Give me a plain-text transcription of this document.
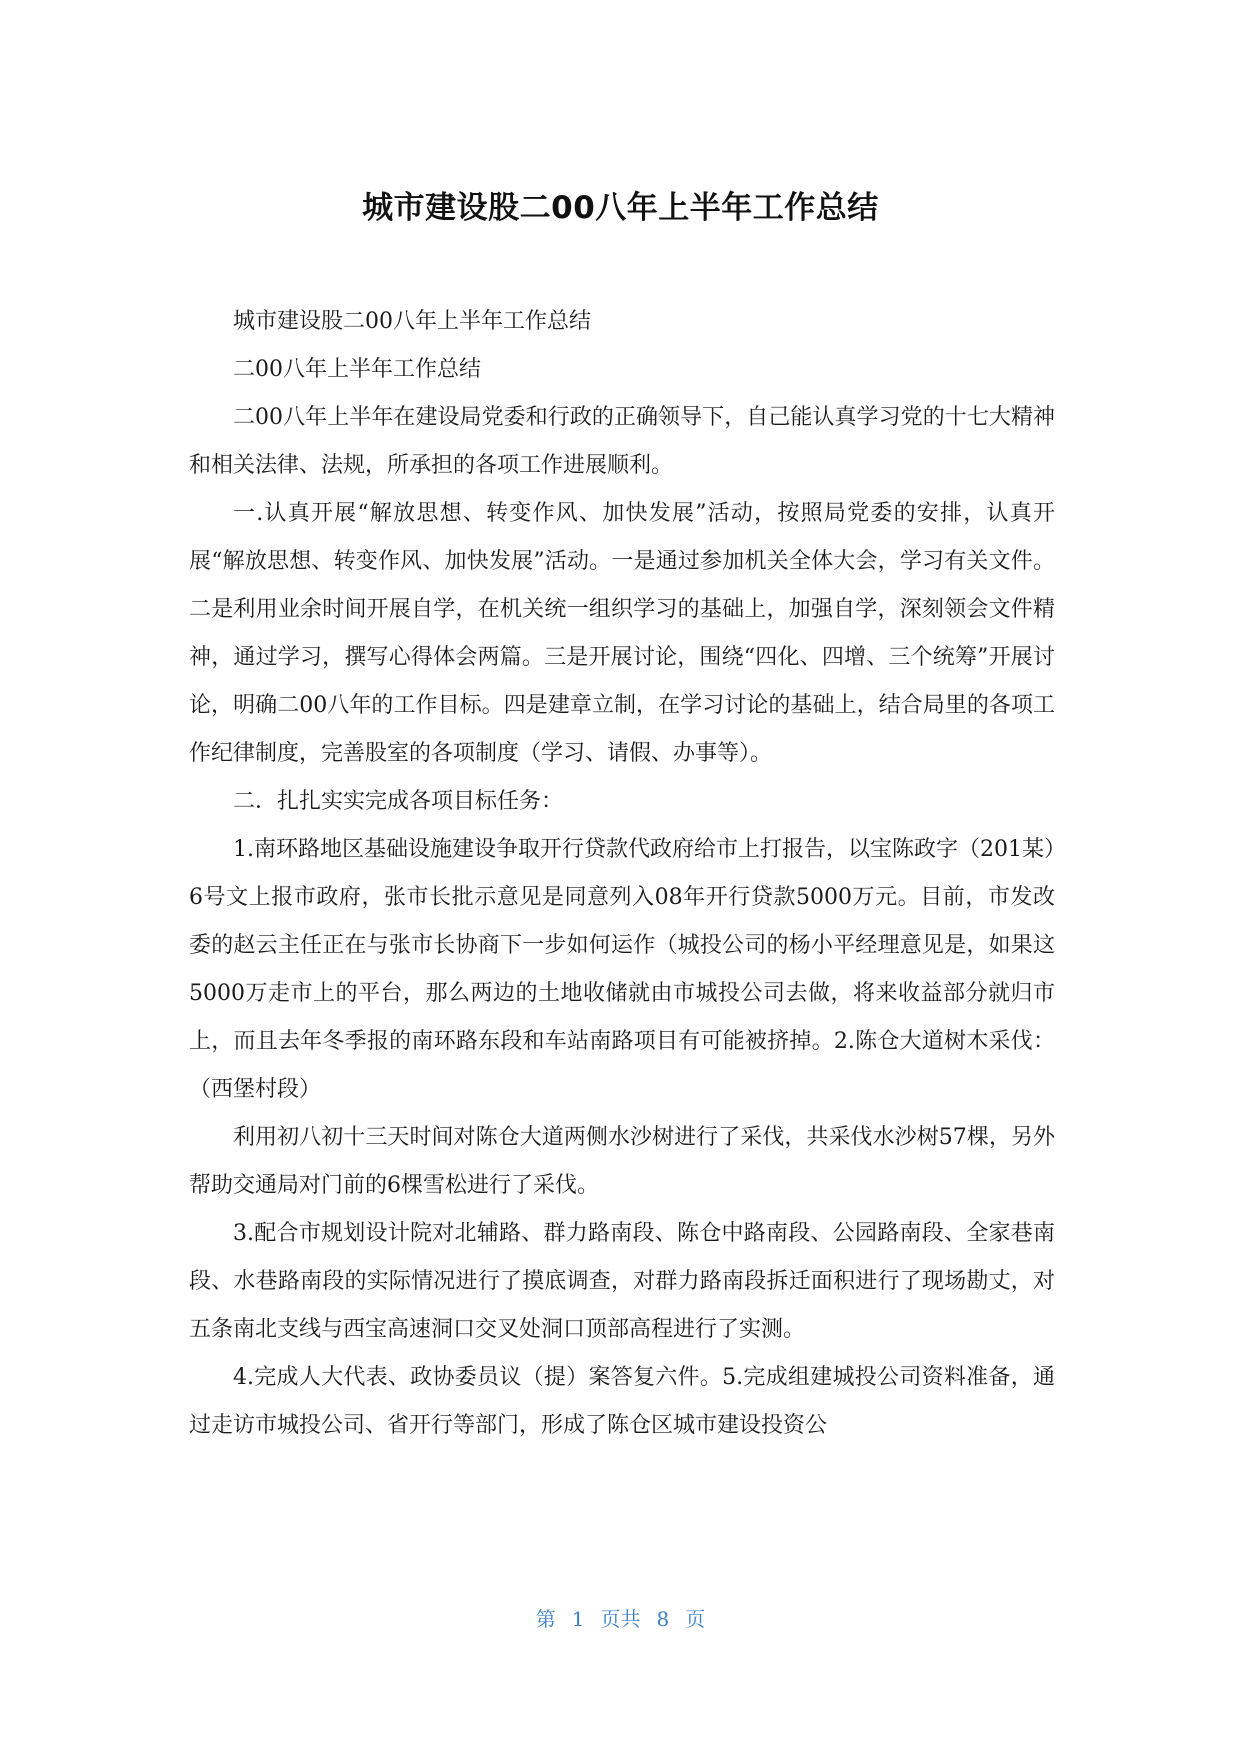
城市建设股二00八年上半年工作总结

城市建设股二00八年上半年工作总结

二00八年上半年工作总结

二00八年上半年在建设局党委和行政的正确领导下，自己能认真学习党的十七大精神和相关法律、法规，所承担的各项工作进展顺利。

一.认真开展“解放思想、转变作风、加快发展”活动，按照局党委的安排，认真开展“解放思想、转变作风、加快发展”活动。一是通过参加机关全体大会，学习有关文件。二是利用业余时间开展自学，在机关统一组织学习的基础上，加强自学，深刻领会文件精神，通过学习，撰写心得体会两篇。三是开展讨论，围绕“四化、四增、三个统筹”开展讨论，明确二00八年的工作目标。四是建章立制，在学习讨论的基础上，结合局里的各项工作纪律制度，完善股室的各项制度（学习、请假、办事等）。

二．扎扎实实完成各项目标任务：

1.南环路地区基础设施建设争取开行贷款代政府给市上打报告，以宝陈政字（201某）6号文上报市政府，张市长批示意见是同意列入08年开行贷款5000万元。目前，市发改委的赵云主任正在与张市长协商下一步如何运作（城投公司的杨小平经理意见是，如果这5000万走市上的平台，那么两边的土地收储就由市城投公司去做，将来收益部分就归市上，而且去年冬季报的南环路东段和车站南路项目有可能被挤掉。2.陈仓大道树木采伐：（西堡村段）

利用初八初十三天时间对陈仓大道两侧水沙树进行了采伐，共采伐水沙树57棵，另外帮助交通局对门前的6棵雪松进行了采伐。

3.配合市规划设计院对北辅路、群力路南段、陈仓中路南段、公园路南段、全家巷南段、水巷路南段的实际情况进行了摸底调查，对群力路南段拆迁面积进行了现场勘丈，对五条南北支线与西宝高速洞口交叉处洞口顶部高程进行了实测。

4.完成人大代表、政协委员议（提）案答复六件。5.完成组建城投公司资料准备，通过走访市城投公司、省开行等部门，形成了陈仓区城市建设投资公

第 1 页共 8 页
